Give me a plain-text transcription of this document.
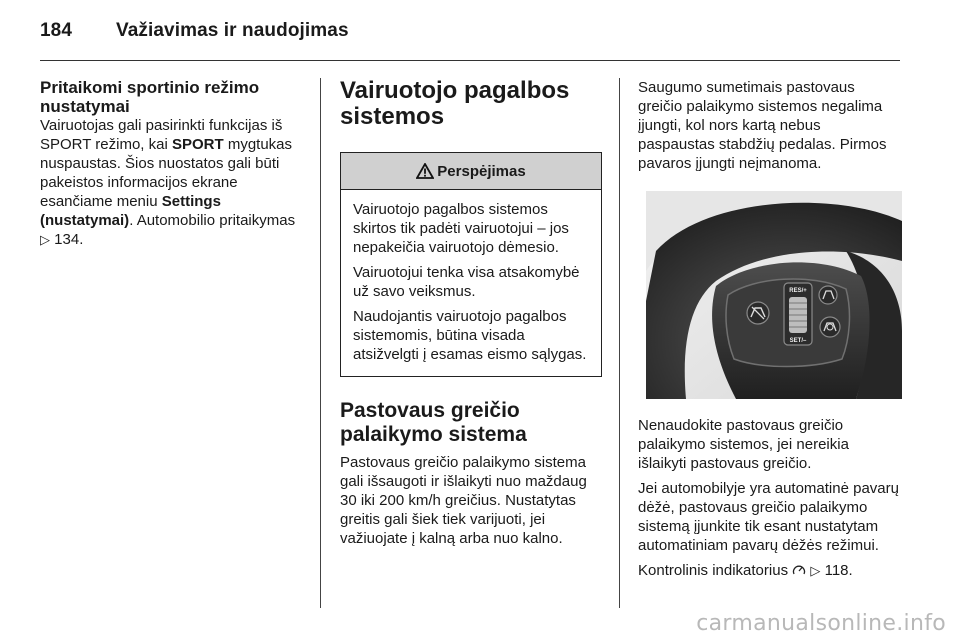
184 Važiavimas ir naudojimas
Pritaikomi sportinio režimo nustatymai

Vairuotojas gali pasirinkti funkcijas iš SPORT režimo, kai SPORT mygtukas nuspaustas. Šios nuostatos gali būti pakeistos informacijos ekrane esančiame meniu Settings (nustatymai). Automobilio pritaikymas ▷ 134.

Vairuotojo pagalbos sistemos
Perspėjimas

Vairuotojo pagalbos sistemos skirtos tik padėti vairuotojui – jos nepakeičia vairuotojo dėmesio.

Vairuotojui tenka visa atsakomybė už savo veiksmus.

Naudojantis vairuotojo pagalbos sistemomis, būtina visada atsižvelgti į esamas eismo sąlygas.

Pastovaus greičio palaikymo sistema

Pastovaus greičio palaikymo sistema gali išsaugoti ir išlaikyti nuo maždaug 30 iki 200 km/h greičius. Nustatytas greitis gali šiek tiek varijuoti, jei važiuojate į kalną arba nuo kalno.

Saugumo sumetimais pastovaus greičio palaikymo sistemos negalima įjungti, kol nors kartą nebus paspaustas stabdžių pedalas. Pirmos pavaros įjungti neįmanoma.

RES/+
SET/–

Nenaudokite pastovaus greičio palaikymo sistemos, jei nereikia išlaikyti pastovaus greičio.

Jei automobilyje yra automatinė pavarų dėžė, pastovaus greičio palaikymo sistemą įjunkite tik esant nustatytam automatiniam pavarų dėžės režimui.

Kontrolinis indikatorius  ▷ 118.

carmanualsonline.info
